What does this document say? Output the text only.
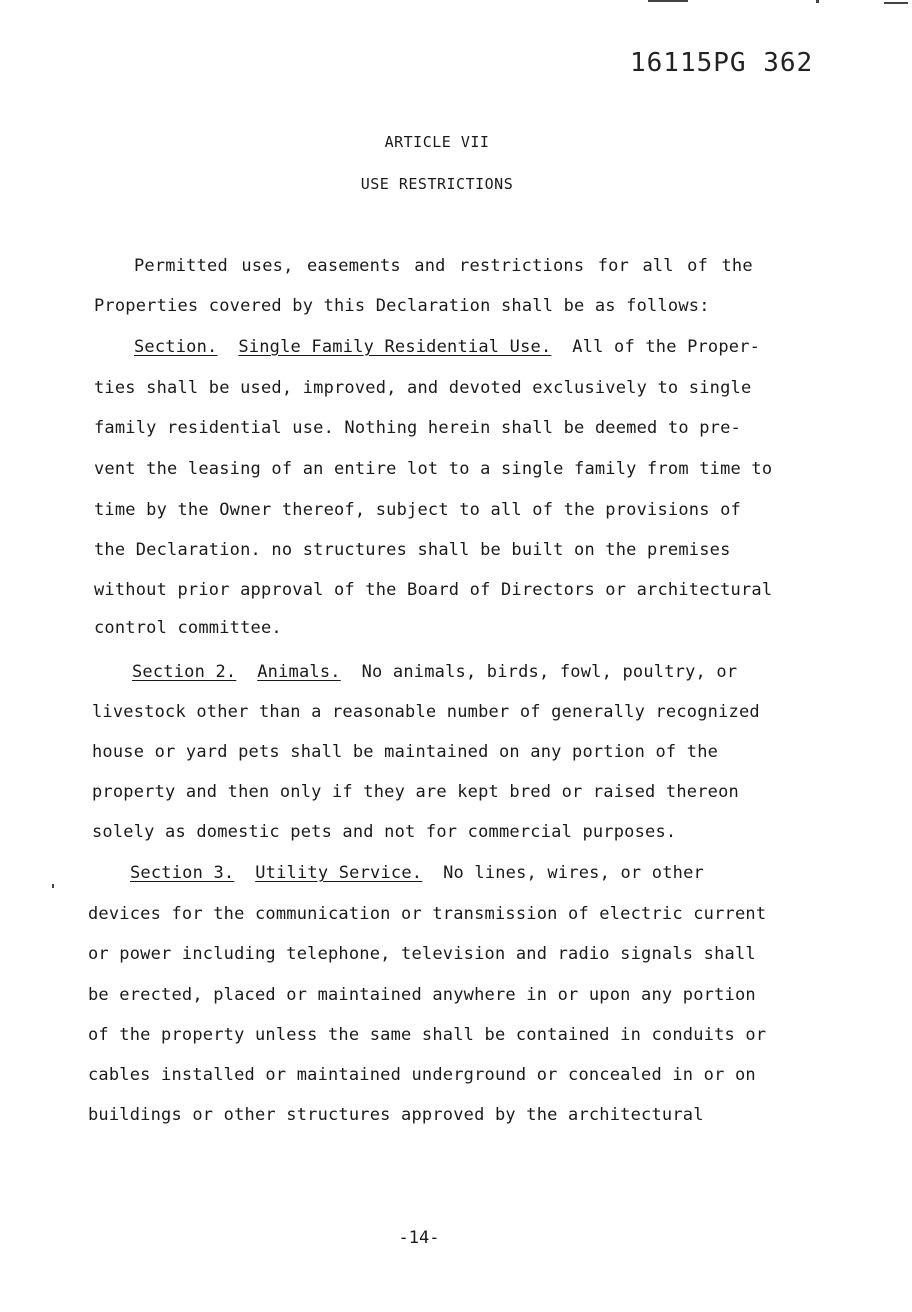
16115PG 362
ARTICLE VII
USE RESTRICTIONS
Permitted uses, easements and restrictions for all of the
Properties covered by this Declaration shall be as follows:
Section. Single Family Residential Use. All of the Proper-
ties shall be used, improved, and devoted exclusively to single
family residential use. Nothing herein shall be deemed to pre-
vent the leasing of an entire lot to a single family from time to
time by the Owner thereof, subject to all of the provisions of
the Declaration. no structures shall be built on the premises
without prior approval of the Board of Directors or architectural
control committee.
Section 2. Animals. No animals, birds, fowl, poultry, or
livestock other than a reasonable number of generally recognized
house or yard pets shall be maintained on any portion of the
property and then only if they are kept bred or raised thereon
solely as domestic pets and not for commercial purposes.
Section 3. Utility Service. No lines, wires, or other
devices for the communication or transmission of electric current
or power including telephone, television and radio signals shall
be erected, placed or maintained anywhere in or upon any portion
of the property unless the same shall be contained in conduits or
cables installed or maintained underground or concealed in or on
buildings or other structures approved by the architectural
-14-
